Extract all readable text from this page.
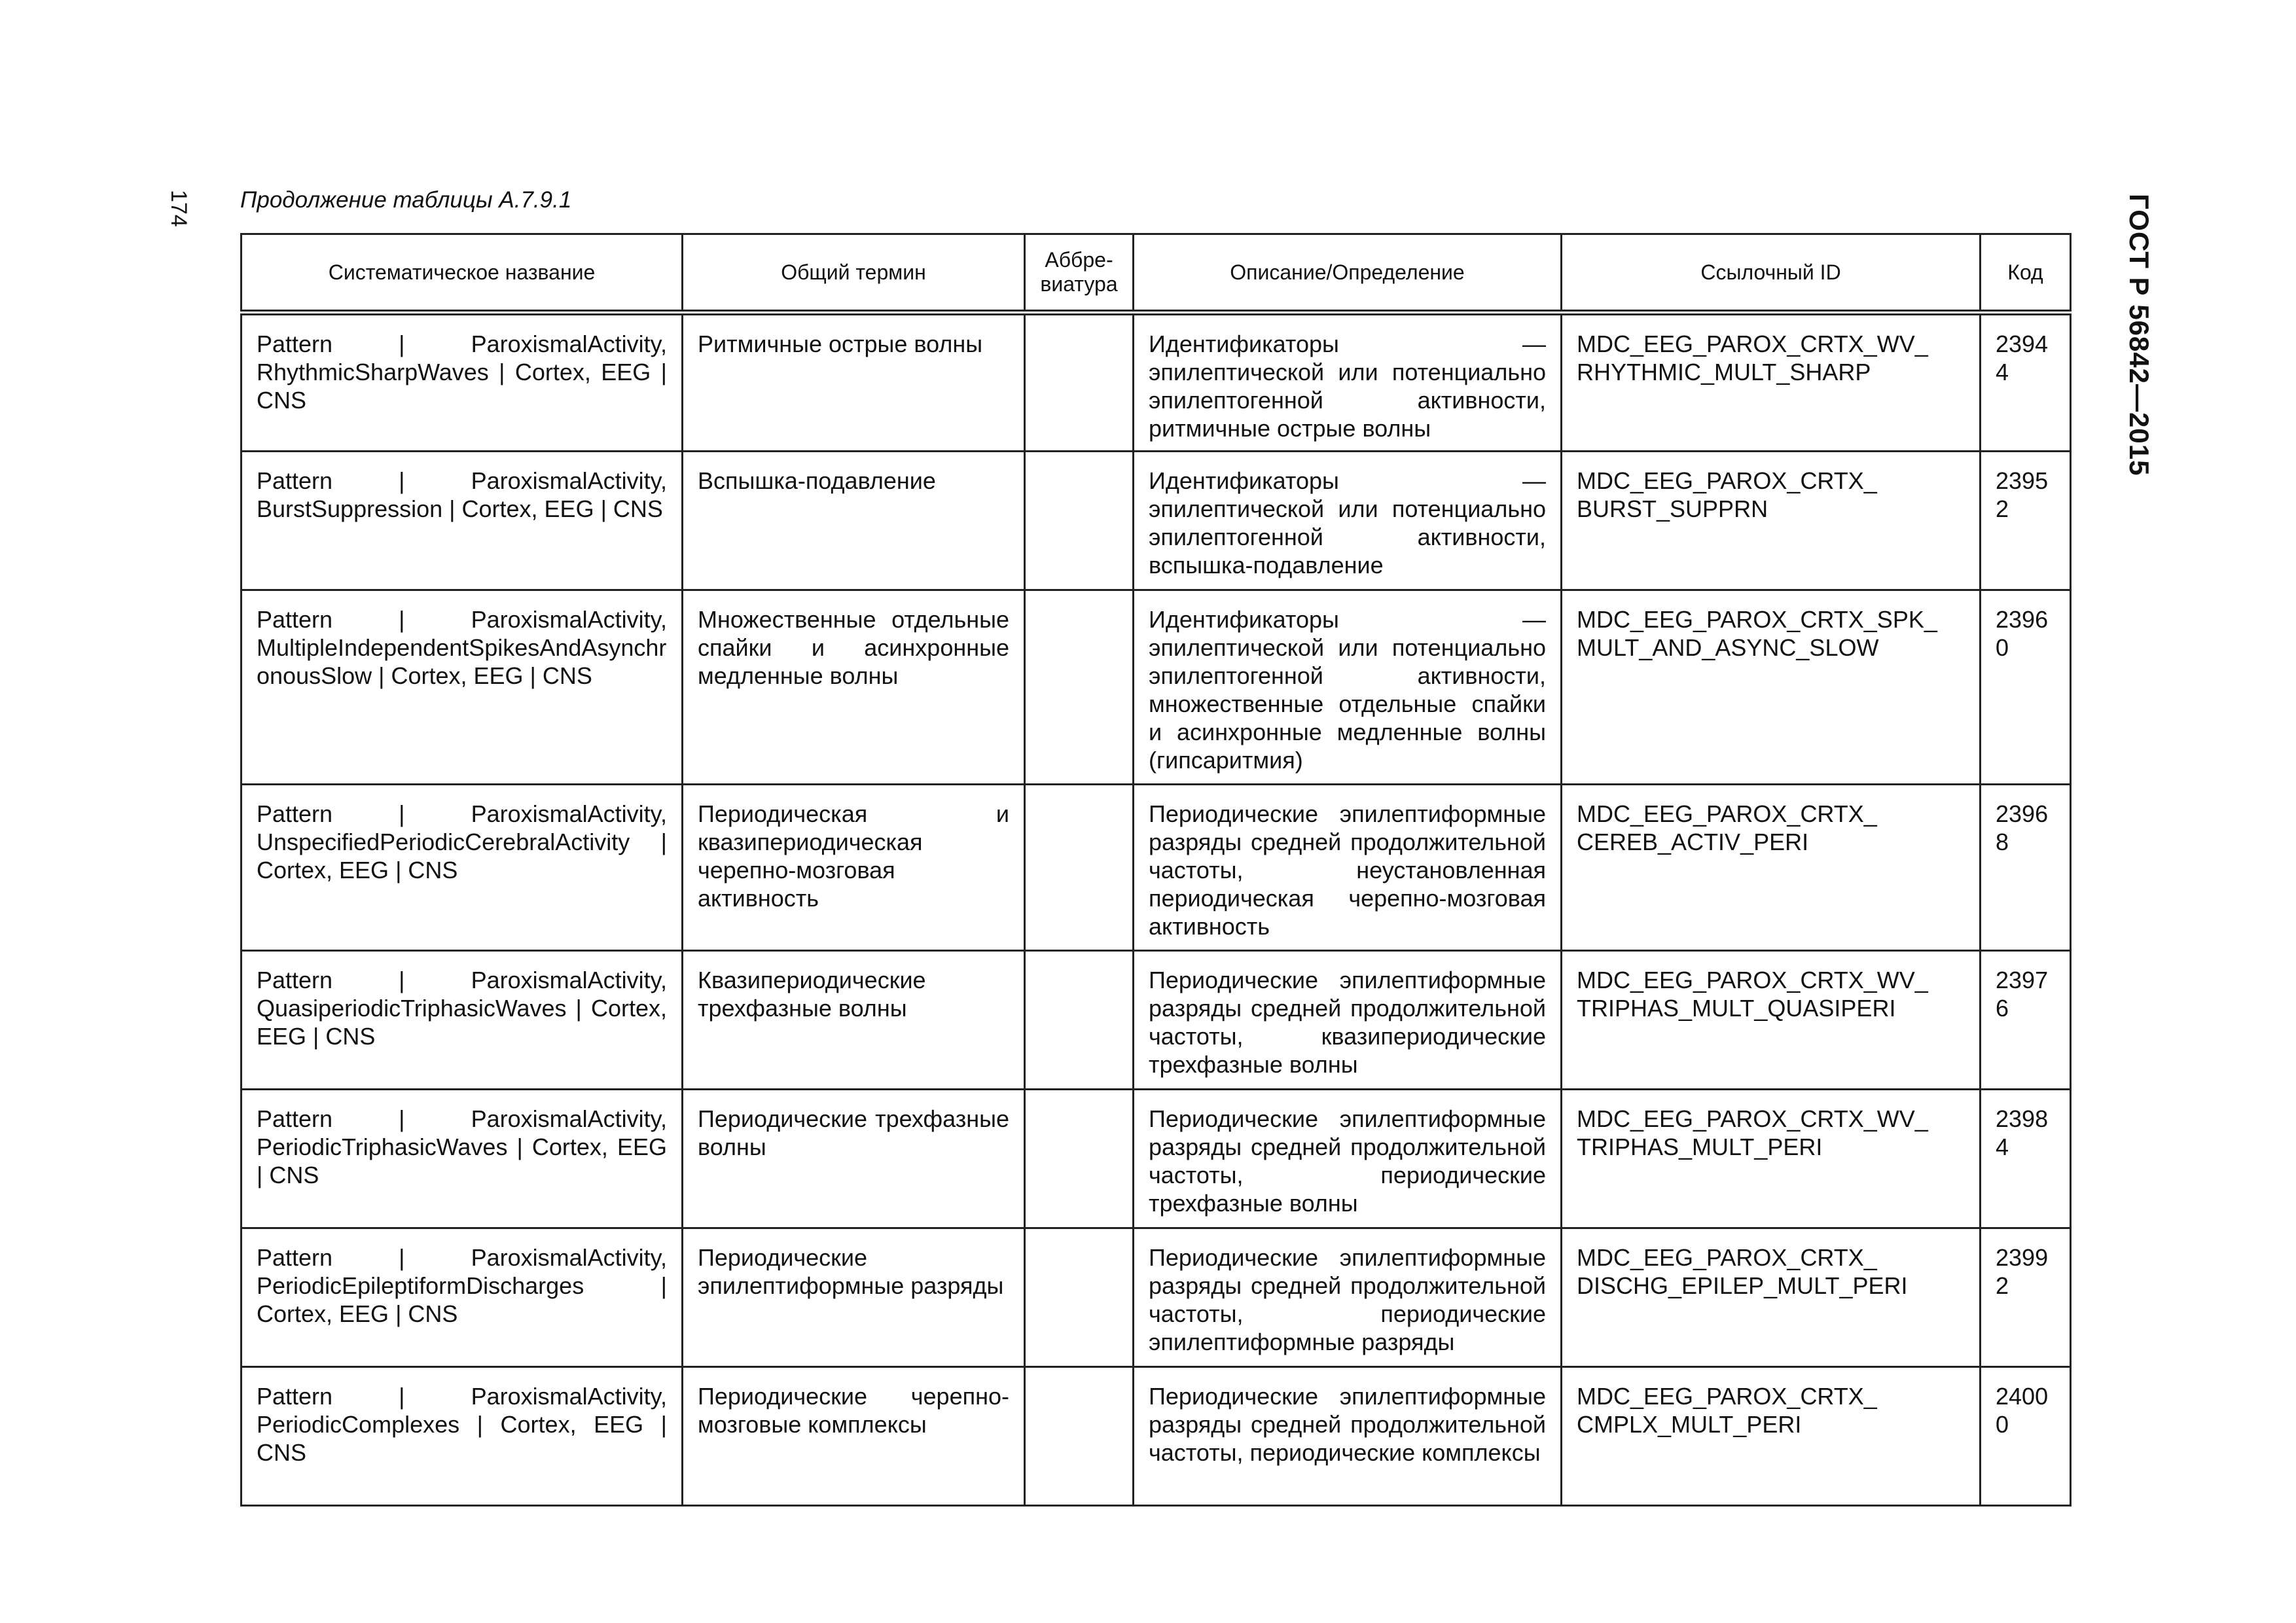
174 Продолжение таблицы А.7.9.1	ГОСТ Р 56842—2015
Систематическое название	Общий термин	Аббре-виатура	Описание/Определение	Ссылочный ID	Код
Pattern | ParoxismalActivity, RhythmicSharpWaves | Cortex, EEG | CNS	Ритмичные острые волны		Идентификаторы — эпилептической или потенциально эпилептогенной активности, ритмичные острые волны	MDC_EEG_PAROX_CRTX_WV_ RHYTHMIC_MULT_SHARP	23944
Pattern | ParoxismalActivity, BurstSuppression | Cortex, EEG | CNS	Вспышка-подавление		Идентификаторы — эпилептической или потенциально эпилептогенной активности, вспышка-подавление	MDC_EEG_PAROX_CRTX_ BURST_SUPPRN	23952
Pattern | ParoxismalActivity, MultipleIndependentSpikesAndAsynchronousSlow | Cortex, EEG | CNS	Множественные отдельные спайки и асинхронные медленные волны		Идентификаторы — эпилептической или потенциально эпилептогенной активности, множественные отдельные спайки и асинхронные медленные волны (гипсаритмия)	MDC_EEG_PAROX_CRTX_SPK_ MULT_AND_ASYNC_SLOW	23960
Pattern | ParoxismalActivity, UnspecifiedPeriodicCerebralActivity | Cortex, EEG | CNS	Периодическая и квазипериодическая черепно-мозговая активность		Периодические эпилептиформные разряды средней продолжительной частоты, неустановленная периодическая черепно-мозговая активность	MDC_EEG_PAROX_CRTX_ CEREB_ACTIV_PERI	23968
Pattern | ParoxismalActivity, QuasiperiodicTriphasicWaves | Cortex, EEG | CNS	Квазипериодические трехфазные волны		Периодические эпилептиформные разряды средней продолжительной частоты, квазипериодические трехфазные волны	MDC_EEG_PAROX_CRTX_WV_ TRIPHAS_MULT_QUASIPERI	23976
Pattern | ParoxismalActivity, PeriodicTriphasicWaves | Cortex, EEG | CNS	Периодические трехфазные волны		Периодические эпилептиформные разряды средней продолжительной частоты, периодические трехфазные волны	MDC_EEG_PAROX_CRTX_WV_ TRIPHAS_MULT_PERI	23984
Pattern | ParoxismalActivity, PeriodicEpileptiformDischarges | Cortex, EEG | CNS	Периодические эпилептиформные разряды		Периодические эпилептиформные разряды средней продолжительной частоты, периодические эпилептиформные разряды	MDC_EEG_PAROX_CRTX_ DISCHG_EPILEP_MULT_PERI	23992
Pattern | ParoxismalActivity, PeriodicComplexes | Cortex, EEG | CNS	Периодические черепно-мозговые комплексы		Периодические эпилептиформные разряды средней продолжительной частоты, периодические комплексы	MDC_EEG_PAROX_CRTX_ CMPLX_MULT_PERI	24000
